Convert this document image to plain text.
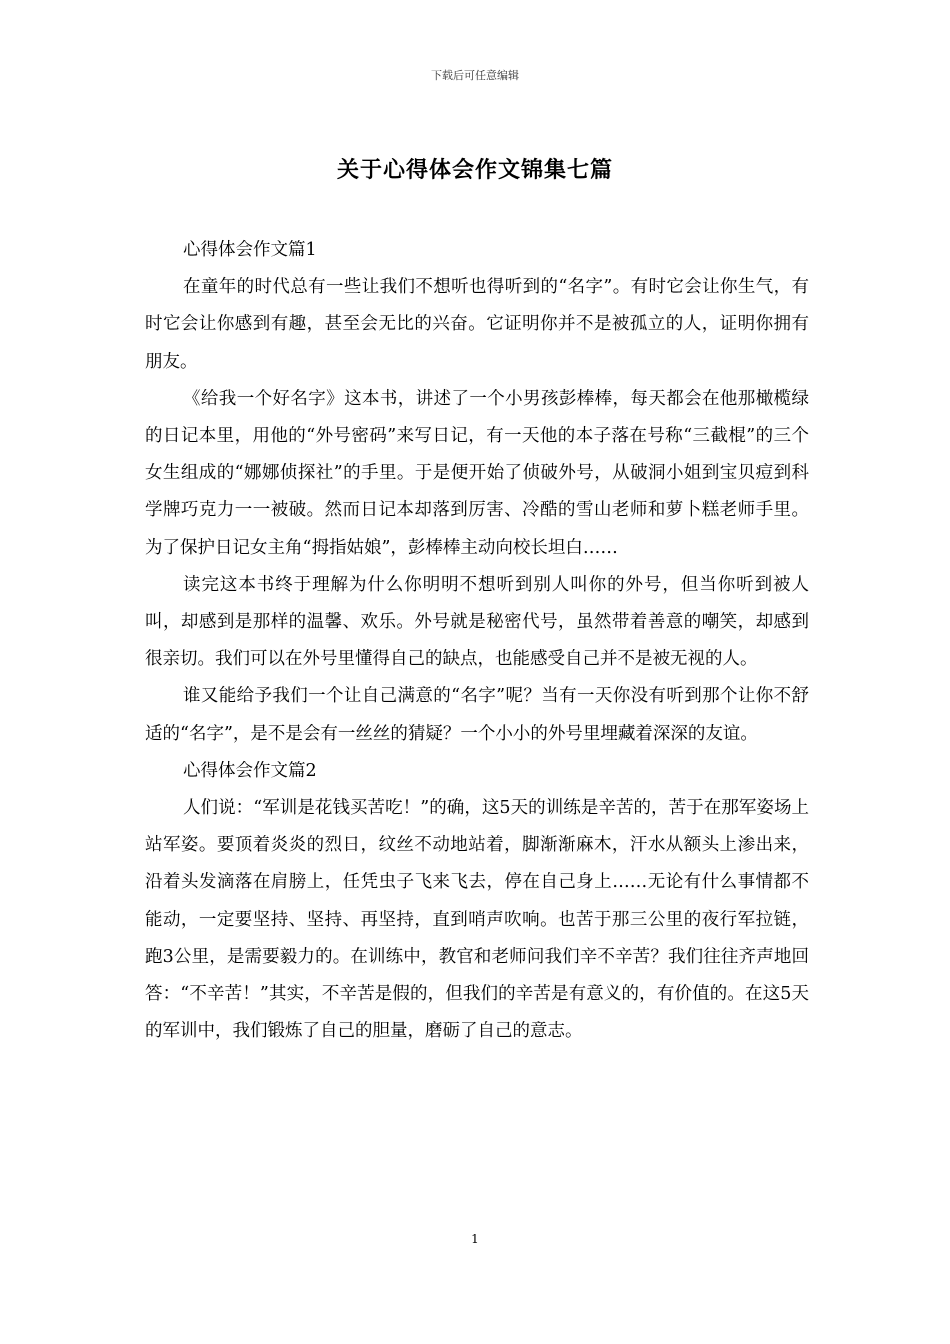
下载后可任意编辑
关于心得体会作文锦集七篇

心得体会作文篇1

在童年的时代总有一些让我们不想听也得听到的“名字”。有时它会让你生气，有时它会让你感到有趣，甚至会无比的兴奋。它证明你并不是被孤立的人，证明你拥有朋友。

《给我一个好名字》这本书，讲述了一个小男孩彭棒棒，每天都会在他那橄榄绿的日记本里，用他的“外号密码”来写日记，有一天他的本子落在号称“三截棍”的三个女生组成的“娜娜侦探社”的手里。于是便开始了侦破外号，从破洞小姐到宝贝痘到科学牌巧克力一一被破。然而日记本却落到厉害、冷酷的雪山老师和萝卜糕老师手里。为了保护日记女主角“拇指姑娘”，彭棒棒主动向校长坦白……

读完这本书终于理解为什么你明明不想听到别人叫你的外号，但当你听到被人叫，却感到是那样的温馨、欢乐。外号就是秘密代号，虽然带着善意的嘲笑，却感到很亲切。我们可以在外号里懂得自己的缺点，也能感受自己并不是被无视的人。

谁又能给予我们一个让自己满意的“名字”呢？当有一天你没有听到那个让你不舒适的“名字”，是不是会有一丝丝的猜疑？一个小小的外号里埋藏着深深的友谊。

心得体会作文篇2

人们说：“军训是花钱买苦吃！”的确，这5天的训练是辛苦的，苦于在那军姿场上站军姿。要顶着炎炎的烈日，纹丝不动地站着，脚渐渐麻木，汗水从额头上渗出来，沿着头发滴落在肩膀上，任凭虫子飞来飞去，停在自己身上……无论有什么事情都不能动，一定要坚持、坚持、再坚持，直到哨声吹响。也苦于那三公里的夜行军拉链，跑3公里，是需要毅力的。在训练中，教官和老师问我们辛不辛苦？我们往往齐声地回答：“不辛苦！”其实，不辛苦是假的，但我们的辛苦是有意义的，有价值的。在这5天的军训中，我们锻炼了自己的胆量，磨砺了自己的意志。

1
